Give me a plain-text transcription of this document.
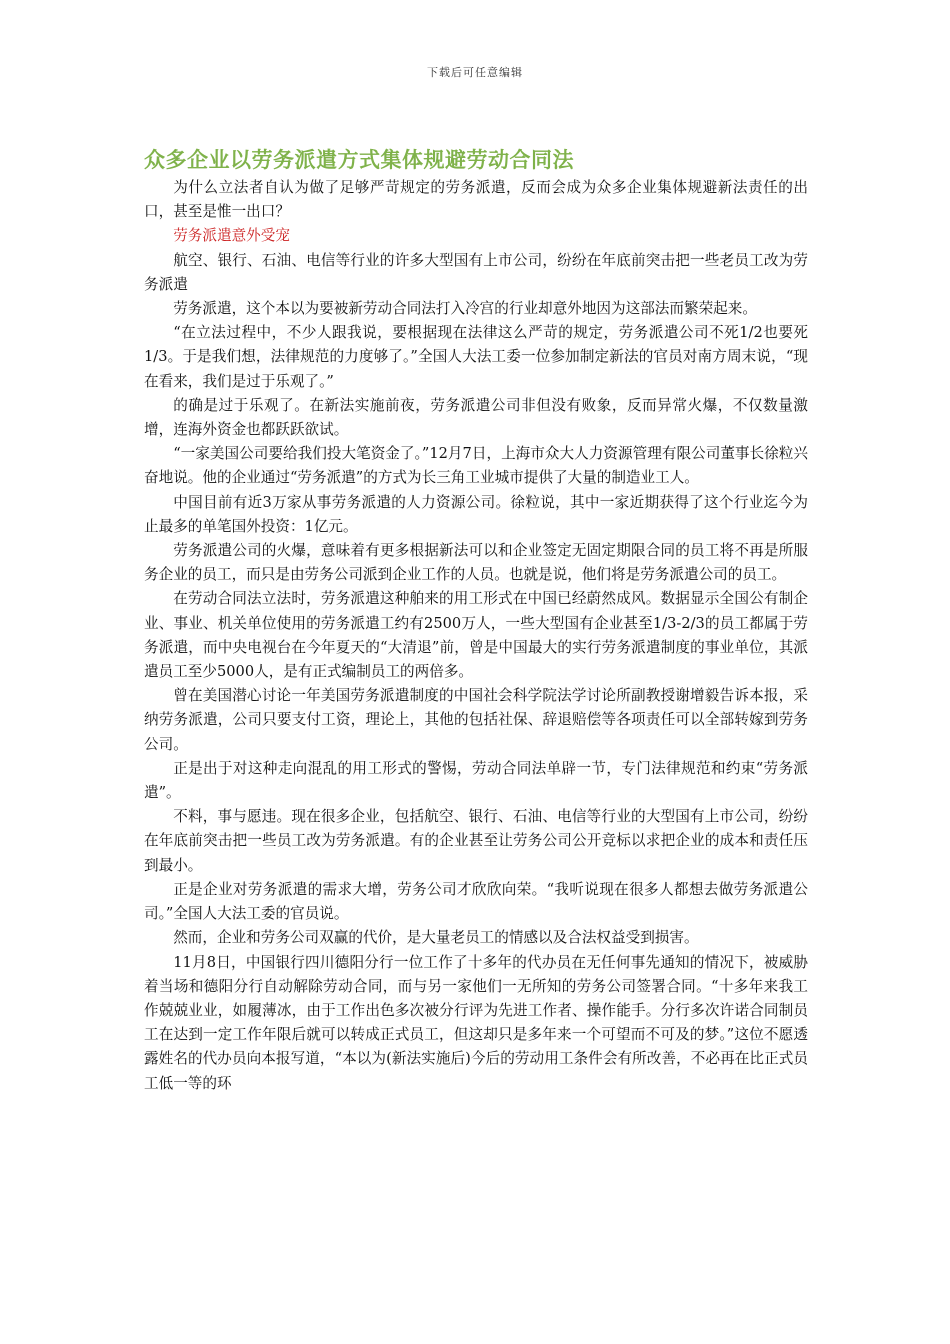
下载后可任意编辑
众多企业以劳务派遣方式集体规避劳动合同法

为什么立法者自认为做了足够严苛规定的劳务派遣，反而会成为众多企业集体规避新法责任的出口，甚至是惟一出口？

劳务派遣意外受宠

航空、银行、石油、电信等行业的许多大型国有上市公司，纷纷在年底前突击把一些老员工改为劳务派遣

劳务派遣，这个本以为要被新劳动合同法打入冷宫的行业却意外地因为这部法而繁荣起来。

“在立法过程中，不少人跟我说，要根据现在法律这么严苛的规定，劳务派遣公司不死1/2也要死1/3。于是我们想，法律规范的力度够了。”全国人大法工委一位参加制定新法的官员对南方周末说，“现在看来，我们是过于乐观了。”

的确是过于乐观了。在新法实施前夜，劳务派遣公司非但没有败象，反而异常火爆，不仅数量激增，连海外资金也都跃跃欲试。

“一家美国公司要给我们投大笔资金了。”12月7日，上海市众大人力资源管理有限公司董事长徐粒兴奋地说。他的企业通过“劳务派遣”的方式为长三角工业城市提供了大量的制造业工人。

中国目前有近3万家从事劳务派遣的人力资源公司。徐粒说，其中一家近期获得了这个行业迄今为止最多的单笔国外投资：1亿元。

劳务派遣公司的火爆，意味着有更多根据新法可以和企业签定无固定期限合同的员工将不再是所服务企业的员工，而只是由劳务公司派到企业工作的人员。也就是说，他们将是劳务派遣公司的员工。

在劳动合同法立法时，劳务派遣这种舶来的用工形式在中国已经蔚然成风。数据显示全国公有制企业、事业、机关单位使用的劳务派遣工约有2500万人，一些大型国有企业甚至1/3-2/3的员工都属于劳务派遣，而中央电视台在今年夏天的“大清退”前，曾是中国最大的实行劳务派遣制度的事业单位，其派遣员工至少5000人，是有正式编制员工的两倍多。

曾在美国潜心讨论一年美国劳务派遣制度的中国社会科学院法学讨论所副教授谢增毅告诉本报，采纳劳务派遣，公司只要支付工资，理论上，其他的包括社保、辞退赔偿等各项责任可以全部转嫁到劳务公司。

正是出于对这种走向混乱的用工形式的警惕，劳动合同法单辟一节，专门法律规范和约束“劳务派遣”。

不料，事与愿违。现在很多企业，包括航空、银行、石油、电信等行业的大型国有上市公司，纷纷在年底前突击把一些员工改为劳务派遣。有的企业甚至让劳务公司公开竞标以求把企业的成本和责任压到最小。

正是企业对劳务派遣的需求大增，劳务公司才欣欣向荣。“我听说现在很多人都想去做劳务派遣公司。”全国人大法工委的官员说。

然而，企业和劳务公司双赢的代价，是大量老员工的情感以及合法权益受到损害。

11月8日，中国银行四川德阳分行一位工作了十多年的代办员在无任何事先通知的情况下，被威胁着当场和德阳分行自动解除劳动合同，而与另一家他们一无所知的劳务公司签署合同。“十多年来我工作兢兢业业，如履薄冰，由于工作出色多次被分行评为先进工作者、操作能手。分行多次许诺合同制员工在达到一定工作年限后就可以转成正式员工，但这却只是多年来一个可望而不可及的梦。”这位不愿透露姓名的代办员向本报写道，“本以为(新法实施后)今后的劳动用工条件会有所改善，不必再在比正式员工低一等的环
